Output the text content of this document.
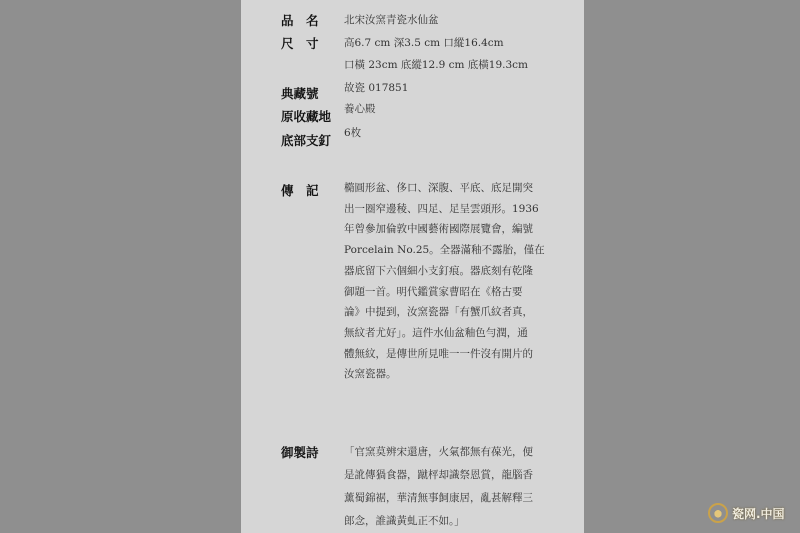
品　名 北宋汝窯青瓷水仙盆
尺　寸 高6.7 cm 深3.5 cm 口縱16.4cm
口橫 23cm 底縱12.9 cm 底橫19.3cm
典藏號	故瓷 017851
原收藏地 養心殿
底部支釘 6枚
傳　記 橢圓形盆、侈口、深腹、平底、底足開突
出一圈窄邊稜、四足、足呈雲頭形。1936
年曾參加倫敦中國藝術國際展覽會，編號
Porcelain No.25。全器滿釉不露胎，僅在
器底留下六個細小支釘痕。器底刻有乾隆
御題一首。明代鑑賞家曹昭在《格古要
論》中提到，汝窯瓷器「有蟹爪紋者真，
無紋者尤好」。這件水仙盆釉色勻潤，通
體無紋，是傳世所見唯一一件沒有開片的
汝窯瓷器。
御製詩	「官窯莫辨宋還唐，火氣都無有葆光，便
是訛傳猧食器，蹴枰却識祭恩賞，龍腦香
薰蜀錦裾，華清無事飼康居，亂甚解釋三
郎念，誰識黃虬正不如。」
瓷网.中国
